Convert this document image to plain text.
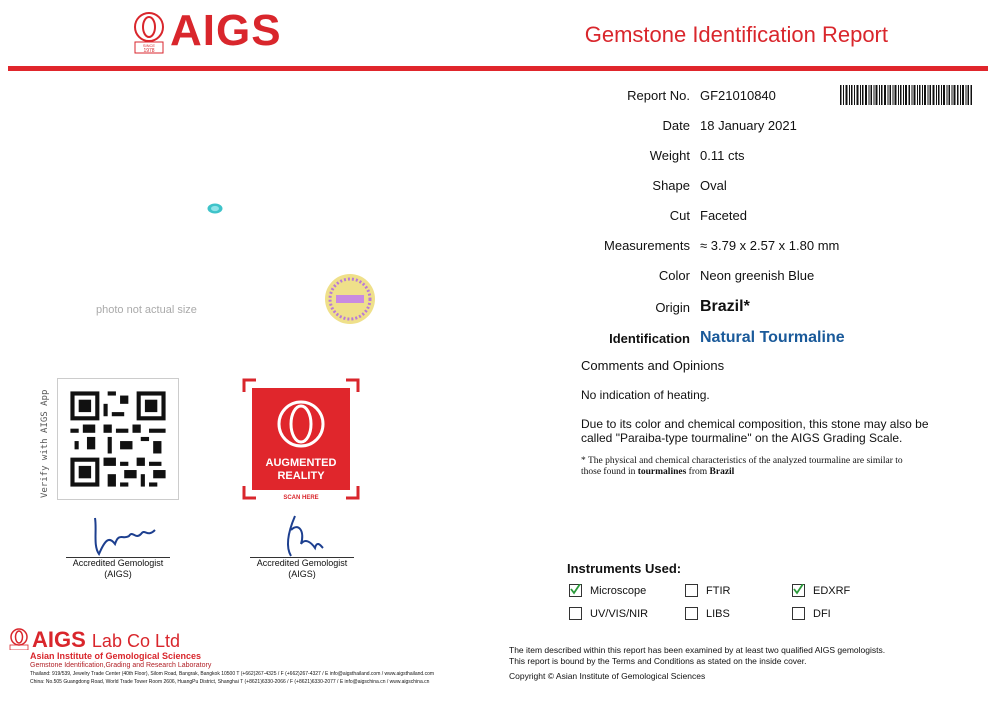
SINCE
1978 AIGS	Gemstone Identification Report
Report No. GF21010840
Date 18 January 2021
Weight 0.11 cts
Shape Oval
Cut Faceted
Measurements ≈ 3.79 x 2.57 x 1.80 mm
Color Neon greenish Blue
Origin Brazil*
Identification Natural Tourmaline
Comments and Opinions
No indication of heating.
Due to its color and chemical composition, this stone may also be
called "Paraiba-type tourmaline" on the AIGS Grading Scale.
* The physical and chemical characteristics of the analyzed tourmaline are similar to
those found in tourmalines from Brazil
photo not actual size
Verify with AIGS App	AUGMENTED
REALITY
SCAN HERE
Accredited Gemologist
(AIGS)
Accredited Gemologist
(AIGS)	Instruments Used:
Microscope	FTIR	EDXRF
UV/VIS/NIR	LIBS	DFI
AIGS Lab Co Ltd
Asian Institute of Gemological Sciences
Gemstone Identification,Grading and Research Laboratory
Thailand: 919/539, Jewelry Trade Center (40th Floor), Silom Road, Bangrak, Bangkok 10500 T (+662)267-4325 / F (+662)267-4327 / E info@aigsthailand.com / www.aigsthailand.com
China: No.505 Guangdong Road, World Trade Tower Room 2606, HuangPu District, Shanghai T (+8621)6330-2066 / F (+8621)6330-2077 / E info@aigschina.cn / www.aigschina.cn
The item described within this report has been examined by at least two qualified AIGS gemologists.
This report is bound by the Terms and Conditions as stated on the inside cover.
Copyright © Asian Institute of Gemological Sciences
